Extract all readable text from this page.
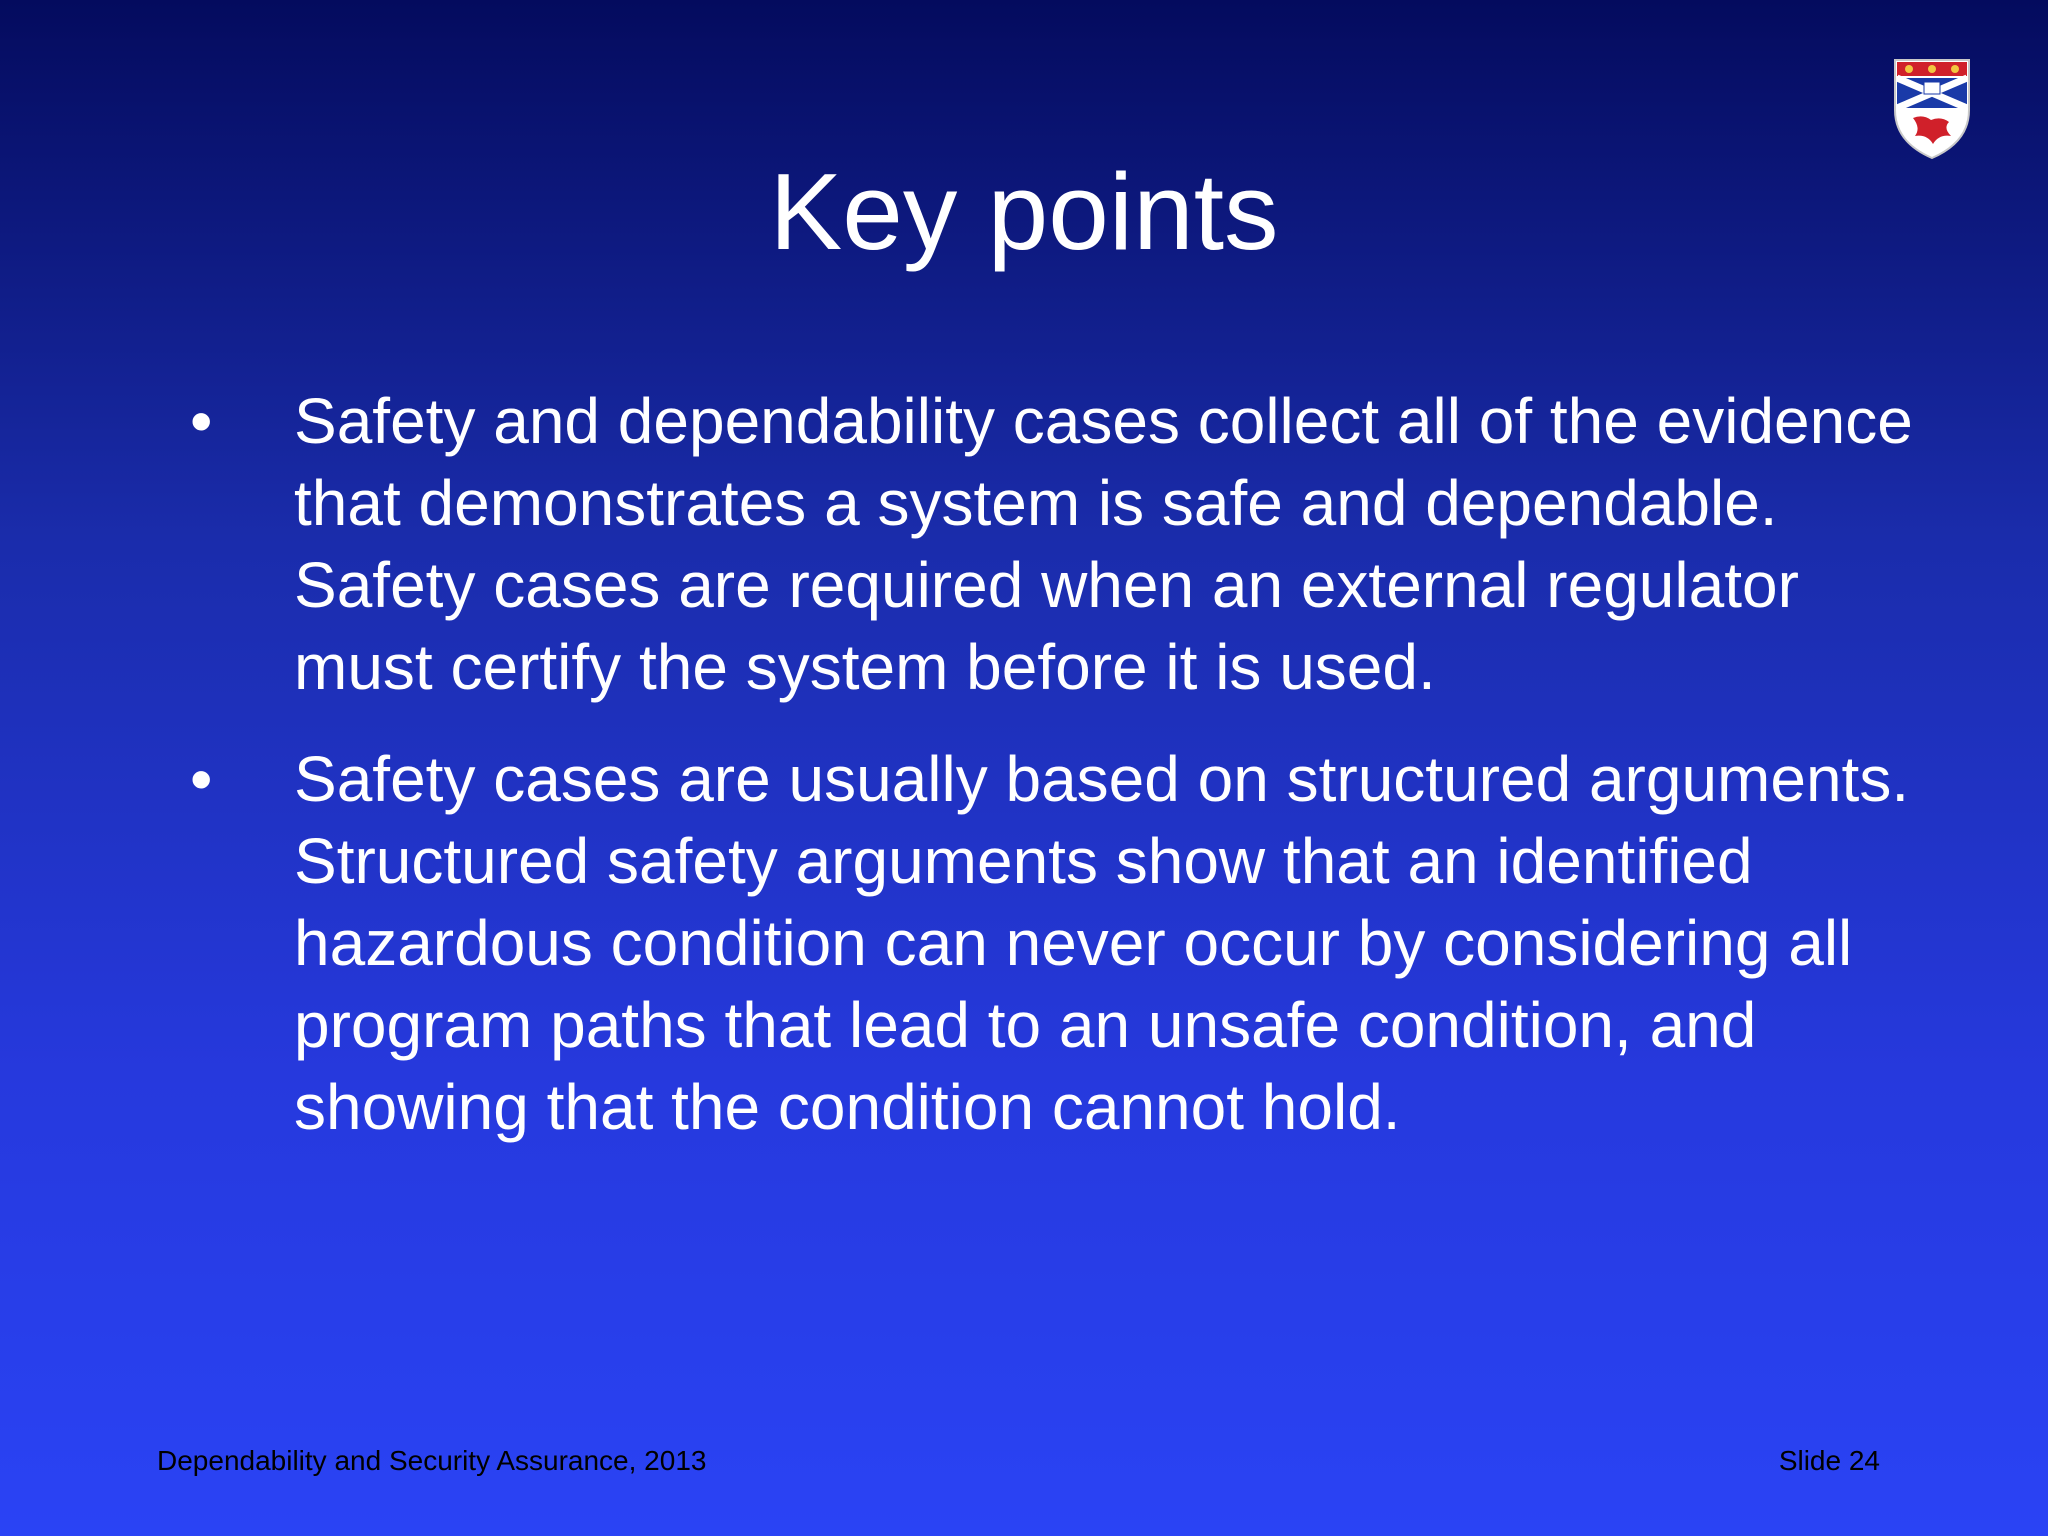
Key points
• Safety and dependability cases collect all of the evidence that demonstrates a system is safe and dependable. Safety cases are required when an external regulator must certify the system before it is used.
• Safety cases are usually based on structured arguments. Structured safety arguments show that an identified hazardous condition can never occur by considering all program paths that lead to an unsafe condition, and showing that the condition cannot hold.
Dependability and Security Assurance, 2013	Slide 24
